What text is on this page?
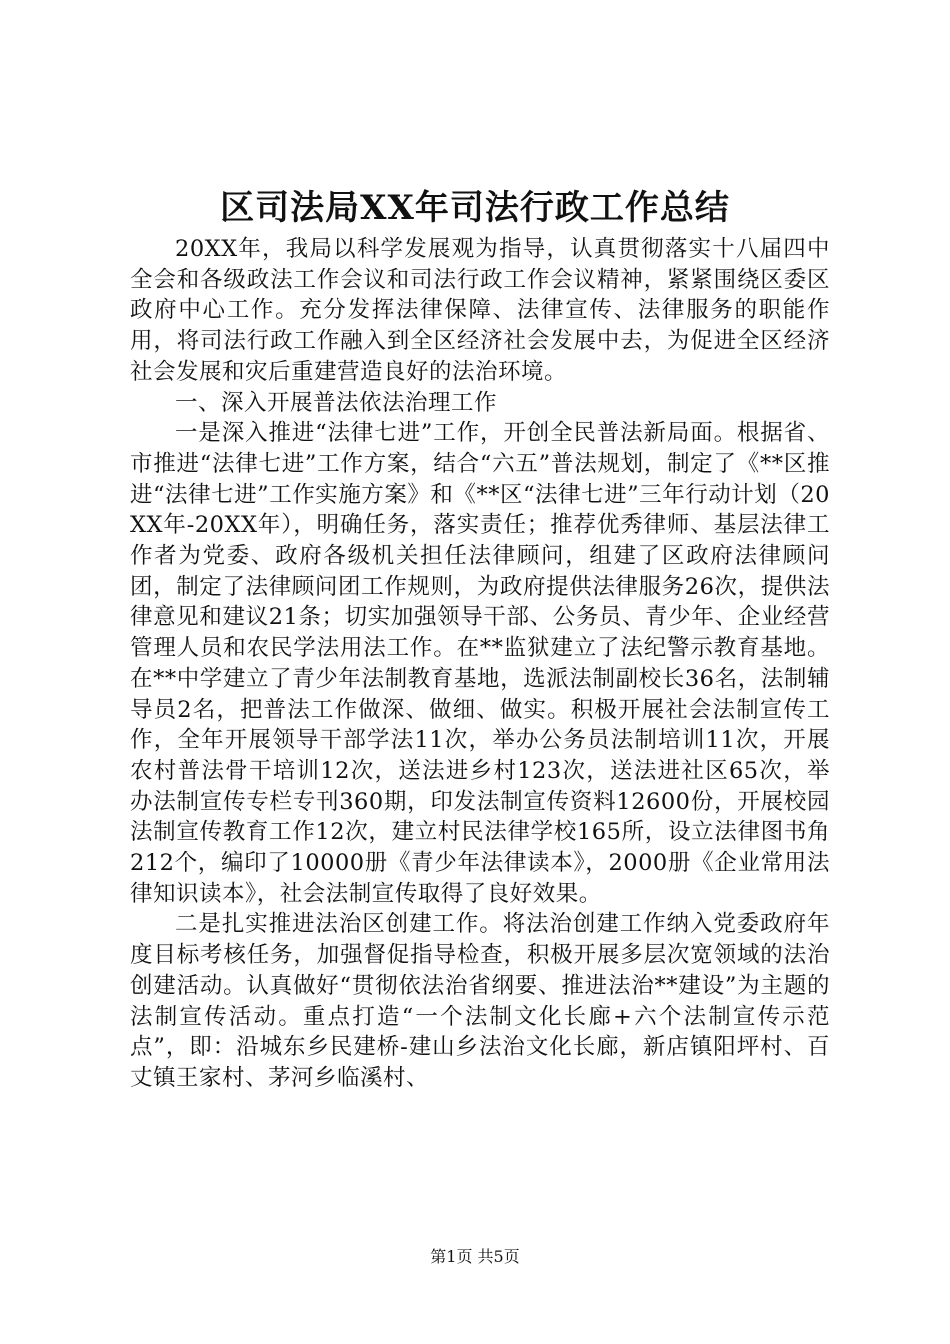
区司法局XX年司法行政工作总结

20XX年，我局以科学发展观为指导，认真贯彻落实十八届四中全会和各级政法工作会议和司法行政工作会议精神，紧紧围绕区委区政府中心工作。充分发挥法律保障、法律宣传、法律服务的职能作用，将司法行政工作融入到全区经济社会发展中去，为促进全区经济社会发展和灾后重建营造良好的法治环境。

一、深入开展普法依法治理工作

一是深入推进“法律七进”工作，开创全民普法新局面。根据省、市推进“法律七进”工作方案，结合“六五”普法规划，制定了《**区推进“法律七进”工作实施方案》和《**区“法律七进”三年行动计划（20XX年-20XX年），明确任务，落实责任；推荐优秀律师、基层法律工作者为党委、政府各级机关担任法律顾问，组建了区政府法律顾问团，制定了法律顾问团工作规则，为政府提供法律服务26次，提供法律意见和建议21条；切实加强领导干部、公务员、青少年、企业经营管理人员和农民学法用法工作。在**监狱建立了法纪警示教育基地。在**中学建立了青少年法制教育基地，选派法制副校长36名，法制辅导员2名，把普法工作做深、做细、做实。积极开展社会法制宣传工作，全年开展领导干部学法11次，举办公务员法制培训11次，开展农村普法骨干培训12次，送法进乡村123次，送法进社区65次，举办法制宣传专栏专刊360期，印发法制宣传资料12600份，开展校园法制宣传教育工作12次，建立村民法律学校165所，设立法律图书角212个，编印了10000册《青少年法律读本》，2000册《企业常用法律知识读本》，社会法制宣传取得了良好效果。

二是扎实推进法治区创建工作。将法治创建工作纳入党委政府年度目标考核任务，加强督促指导检查，积极开展多层次宽领域的法治创建活动。认真做好“贯彻依法治省纲要、推进法治**建设”为主题的法制宣传活动。重点打造“一个法制文化长廊+六个法制宣传示范点”，即：沿城东乡民建桥-建山乡法治文化长廊，新店镇阳坪村、百丈镇王家村、茅河乡临溪村、

第1页 共5页
